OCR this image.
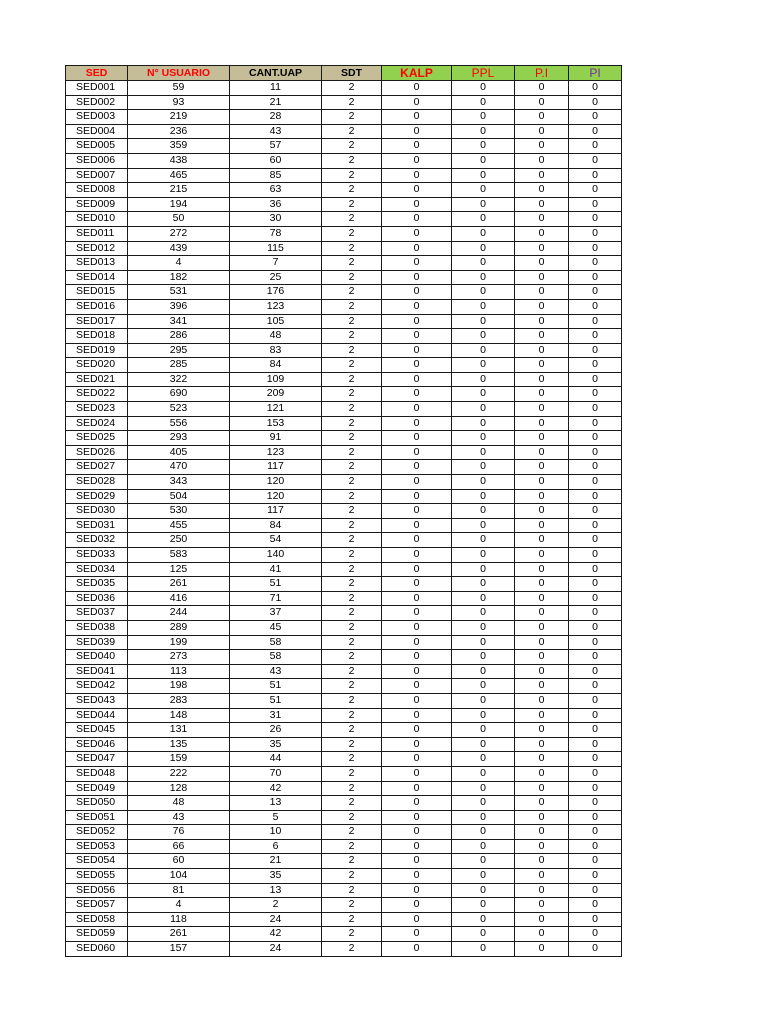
SED	N° USUARIO	CANT.UAP	SDT	KALP	PPL	P.I	PI
SED001	59	11	2	0	0	0	0
SED002	93	21	2	0	0	0	0
SED003	219	28	2	0	0	0	0
SED004	236	43	2	0	0	0	0
SED005	359	57	2	0	0	0	0
SED006	438	60	2	0	0	0	0
SED007	465	85	2	0	0	0	0
SED008	215	63	2	0	0	0	0
SED009	194	36	2	0	0	0	0
SED010	50	30	2	0	0	0	0
SED011	272	78	2	0	0	0	0
SED012	439	115	2	0	0	0	0
SED013	4	7	2	0	0	0	0
SED014	182	25	2	0	0	0	0
SED015	531	176	2	0	0	0	0
SED016	396	123	2	0	0	0	0
SED017	341	105	2	0	0	0	0
SED018	286	48	2	0	0	0	0
SED019	295	83	2	0	0	0	0
SED020	285	84	2	0	0	0	0
SED021	322	109	2	0	0	0	0
SED022	690	209	2	0	0	0	0
SED023	523	121	2	0	0	0	0
SED024	556	153	2	0	0	0	0
SED025	293	91	2	0	0	0	0
SED026	405	123	2	0	0	0	0
SED027	470	117	2	0	0	0	0
SED028	343	120	2	0	0	0	0
SED029	504	120	2	0	0	0	0
SED030	530	117	2	0	0	0	0
SED031	455	84	2	0	0	0	0
SED032	250	54	2	0	0	0	0
SED033	583	140	2	0	0	0	0
SED034	125	41	2	0	0	0	0
SED035	261	51	2	0	0	0	0
SED036	416	71	2	0	0	0	0
SED037	244	37	2	0	0	0	0
SED038	289	45	2	0	0	0	0
SED039	199	58	2	0	0	0	0
SED040	273	58	2	0	0	0	0
SED041	113	43	2	0	0	0	0
SED042	198	51	2	0	0	0	0
SED043	283	51	2	0	0	0	0
SED044	148	31	2	0	0	0	0
SED045	131	26	2	0	0	0	0
SED046	135	35	2	0	0	0	0
SED047	159	44	2	0	0	0	0
SED048	222	70	2	0	0	0	0
SED049	128	42	2	0	0	0	0
SED050	48	13	2	0	0	0	0
SED051	43	5	2	0	0	0	0
SED052	76	10	2	0	0	0	0
SED053	66	6	2	0	0	0	0
SED054	60	21	2	0	0	0	0
SED055	104	35	2	0	0	0	0
SED056	81	13	2	0	0	0	0
SED057	4	2	2	0	0	0	0
SED058	118	24	2	0	0	0	0
SED059	261	42	2	0	0	0	0
SED060	157	24	2	0	0	0	0
